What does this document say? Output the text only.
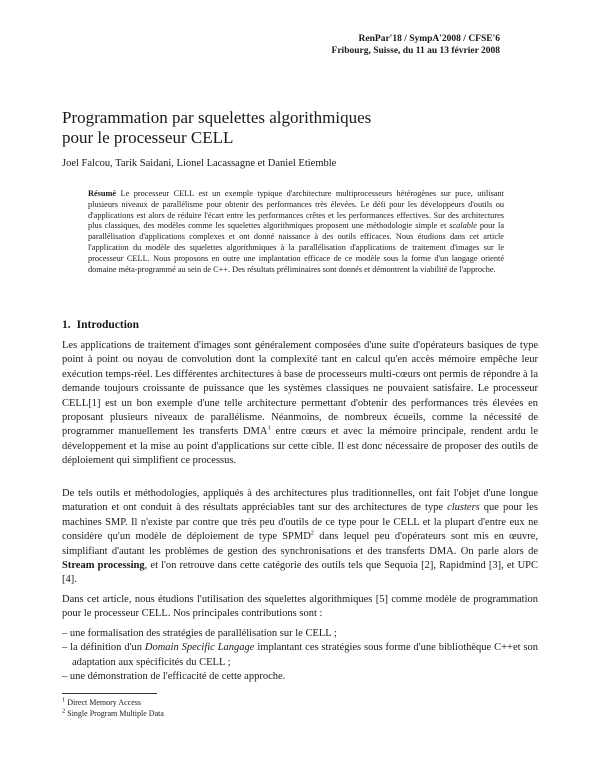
RenPar'18 / SympA'2008 / CFSE'6
Fribourg, Suisse, du 11 au 13 février 2008
Programmation par squelettes algorithmiques
pour le processeur CELL
Joel Falcou, Tarik Saidani, Lionel Lacassagne et Daniel Etiemble
Résumé Le processeur CELL est un exemple typique d'architecture multiprocesseurs hétérogènes sur puce, utilisant plusieurs niveaux de parallélisme pour obtenir des performances très élevées. Le défi pour les développeurs d'outils ou d'applications est alors de réduire l'écart entre les performances crêtes et les performances effectives. Sur des architectures plus classiques, des modèles comme les squelettes algorithmiques proposent une méthodologie simple et scalable pour la parallélisation d'applications complexes et ont donné naissance à des outils efficaces. Nous étudions dans cet article l'application du modèle des squelettes algorithmiques à la parallélisation d'applications de traitement d'images sur le processeur CELL. Nous proposons en outre une implantation efficace de ce modèle sous la forme d'un langage orienté domaine méta-programmé au sein de C++. Des résultats préliminaires sont donnés et démontrent la viabilité de l'approche.
1. Introduction

Les applications de traitement d'images sont généralement composées d'une suite d'opérateurs basiques de type point à point ou noyau de convolution dont la complexité tant en calcul qu'en accès mémoire empêche leur exécution temps-réel. Les différentes architectures à base de processeurs multi-cœurs ont permis de répondre à la demande toujours croissante de puissance que les systèmes classiques ne pouvaient satisfaire. Le processeur CELL[1] est un bon exemple d'une telle architecture permettant d'obtenir des performances très élevées en proposant plusieurs niveaux de parallélisme. Néanmoins, de nombreux écueils, comme la nécessité de programmer manuellement les transferts DMA$^1$ entre cœurs et avec la mémoire principale, rendent ardu le développement et la mise au point d'applications sur cette cible. Il est donc nécessaire de proposer des outils de déploiement qui simplifient ce processus.

De tels outils et méthodologies, appliqués à des architectures plus traditionnelles, ont fait l'objet d'une longue maturation et ont conduit à des résultats appréciables tant sur des architectures de type clusters que pour les machines SMP. Il n'existe par contre que très peu d'outils de ce type pour le CELL et la plupart d'entre eux ne considère qu'un modèle de déploiement de type SPMD$^2$ dans lequel peu d'opérateurs sont mis en œuvre, simplifiant d'autant les problèmes de gestion des synchronisations et des transferts DMA. On parle alors de Stream processing, et l'on retrouve dans cette catégorie des outils tels que Sequoia [2], Rapidmind [3], et UPC [4].

Dans cet article, nous étudions l'utilisation des squelettes algorithmiques [5] comme modèle de programmation pour le processeur CELL. Nos principales contributions sont :

– une formalisation des stratégies de parallélisation sur le CELL ;
– la définition d'un Domain Specific Langage implantant ces stratégies sous forme d'une bibliothèque C++et son adaptation aux spécificités du CELL ;
– une démonstration de l'efficacité de cette approche.
$^1$ Direct Memory Access
$^2$ Single Program Multiple Data
